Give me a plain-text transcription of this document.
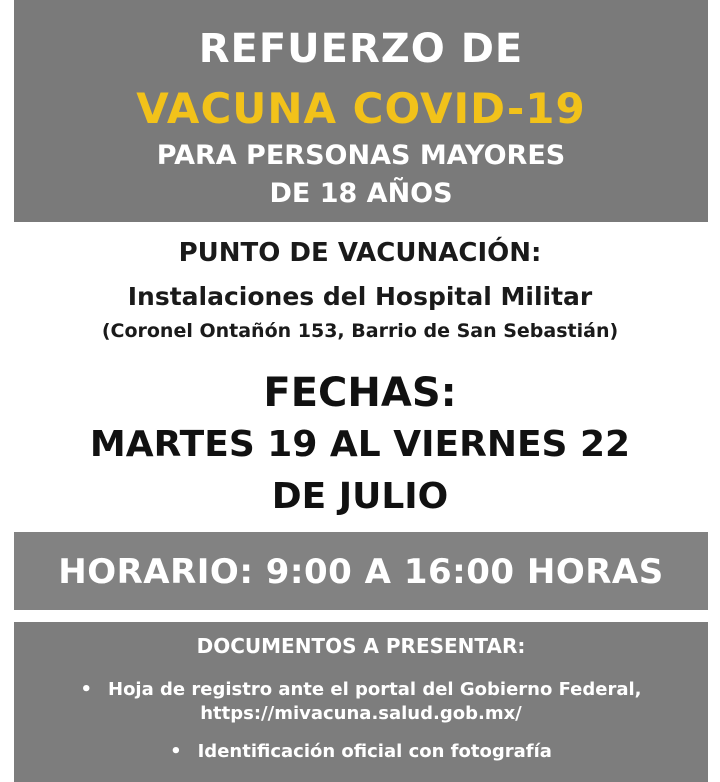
REFUERZO DE
VACUNA COVID-19
PARA PERSONAS MAYORES
DE 18 AÑOS
PUNTO DE VACUNACIÓN:
Instalaciones del Hospital Militar
(Coronel Ontañón 153, Barrio de San Sebastián)
FECHAS:
MARTES 19 AL VIERNES 22
DE JULIO
HORARIO: 9:00 A 16:00 HORAS
DOCUMENTOS A PRESENTAR:
• Hoja de registro ante el portal del Gobierno Federal,
https://mivacuna.salud.gob.mx/
• Identificación oficial con fotografía
